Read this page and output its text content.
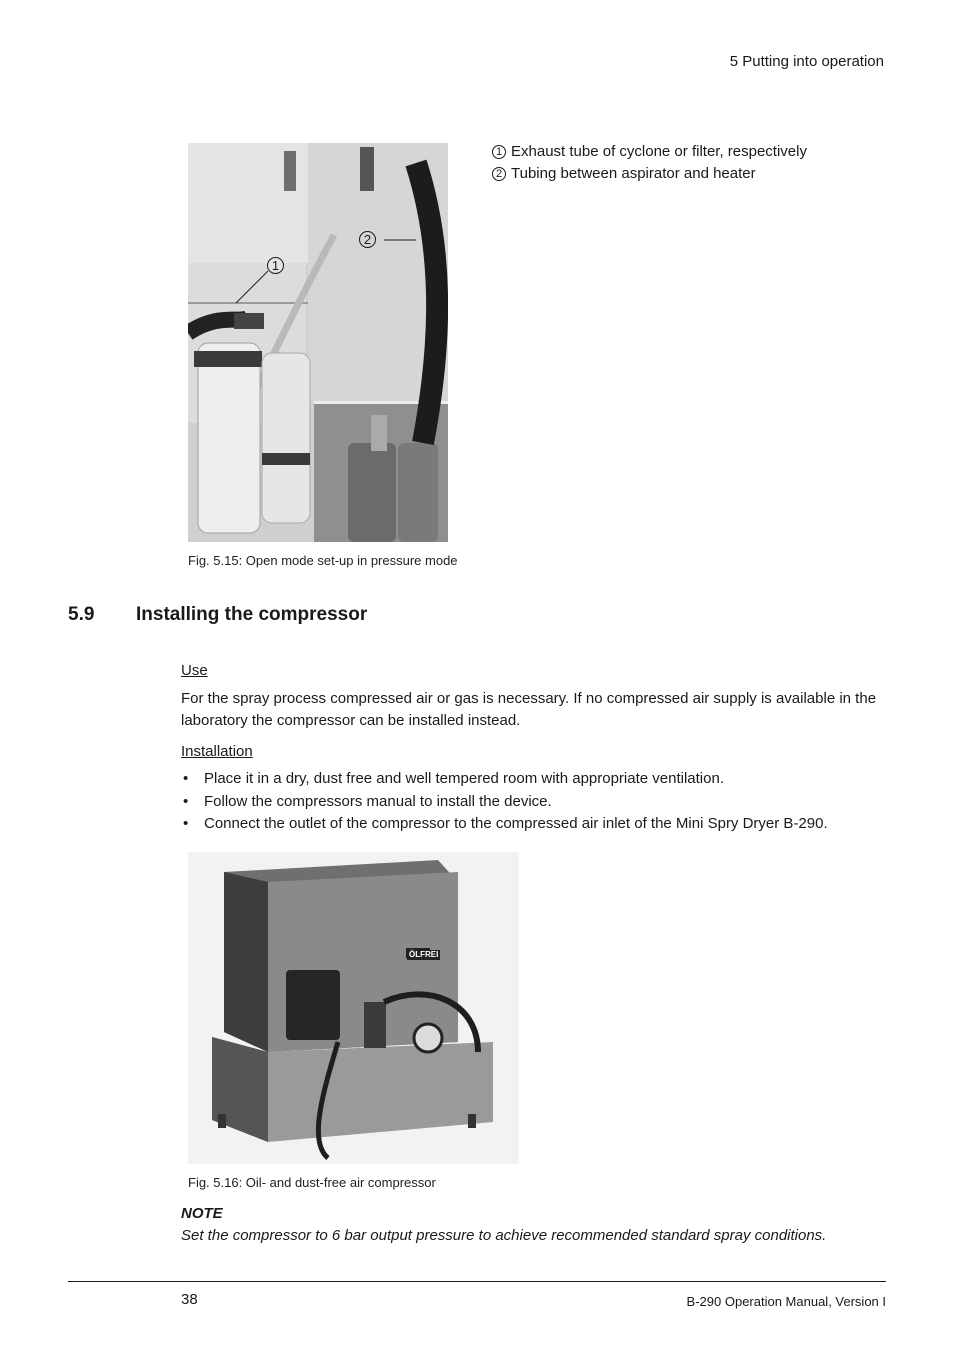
5 Putting into operation
1
2
1 Exhaust tube of cyclone or filter, respectively
2 Tubing between aspirator and heater
Fig. 5.15: Open mode set-up in pressure mode
5.9 Installing the compressor
Use
For the spray process compressed air or gas is necessary. If no compressed air supply is available in the laboratory the compressor can be installed instead.
Installation
• Place it in a dry, dust free and well tempered room with appropriate ventilation.
• Follow the compressors manual to install the device.
• Connect the outlet of the compressor to the compressed air inlet of the Mini Spry Dryer B-290.
ÖLFREI
Fig. 5.16: Oil- and dust-free air compressor
NOTE
Set the compressor to 6 bar output pressure to achieve recommended standard spray conditions.
38	B-290 Operation Manual, Version I
